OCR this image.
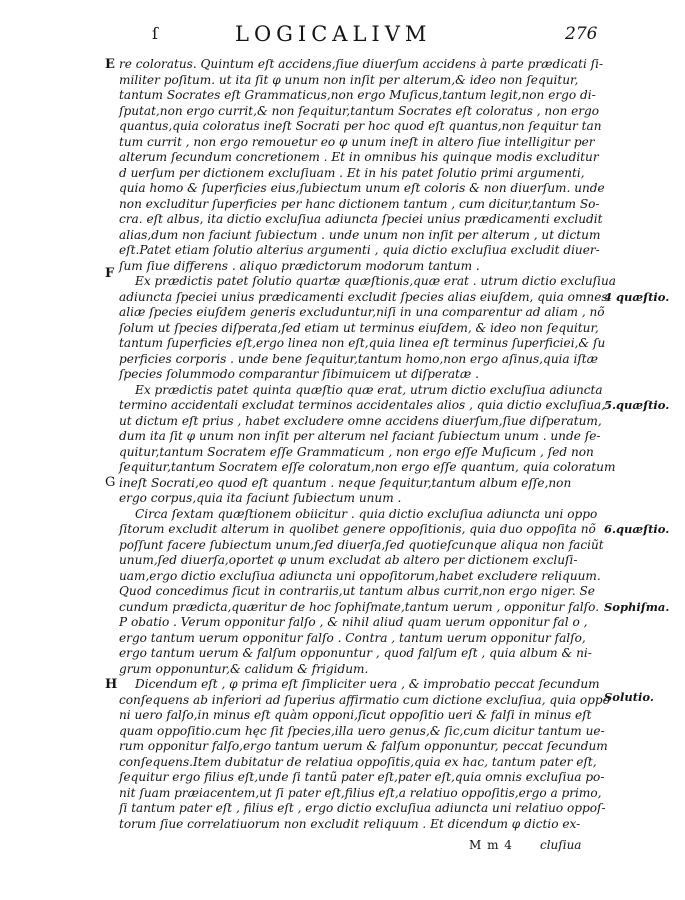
ſ	LOGICALIVM	276
E
F
G
H
4 quæſtio.
5.quæſtio.
6.quæſtio.
Sophiſma.
Solutio.
re coloratus. Quintum eſt accidens,ſiue diuerſum accidens à parte prædicati ſi-
militer poſitum. ut ita ſit φ unum non inſit per alterum,& ideo non ſequitur,
tantum Socrates eſt Grammaticus,non ergo Muſicus,tantum legit,non ergo di-
ſputat,non ergo currit,& non ſequitur,tantum Socrates eſt coloratus , non ergo
quantus,quia coloratus ineſt Socrati per hoc quod eſt quantus,non ſequitur tan
tum currit , non ergo remouetur eo φ unum ineſt in altero ſiue intelligitur per
alterum ſecundum concretionem . Et in omnibus his quinque modis excluditur
d uerſum per dictionem excluſiuam . Et in his patet ſolutio primi argumenti,
quia homo & ſuperficies eius,ſubiectum unum eſt coloris & non diuerſum. unde
non excluditur ſuperficies per hanc dictionem tantum , cum dicitur,tantum So-
cra. eſt albus, ita dictio excluſiua adiuncta ſpeciei unius prædicamenti excludit
alias,dum non faciunt ſubiectum . unde unum non inſit per alterum , ut dictum
eſt.Patet etiam ſolutio alterius argumenti , quia dictio excluſiua excludit diuer-
ſum ſiue differens . aliquo prædictorum modorum tantum .
Ex prædictis patet ſolutio quartæ quæſtionis,quæ erat . utrum dictio excluſiua
adiuncta ſpeciei unius prædicamenti excludit ſpecies alias eiuſdem, quia omnes
aliæ ſpecies eiuſdem generis excluduntur,niſi in una comparentur ad aliam , nõ
ſolum ut ſpecies diſperata,ſed etiam ut terminus eiuſdem, & ideo non ſequitur,
tantum ſuperficies eſt,ergo linea non eſt,quia linea eſt terminus ſuperficiei,& ſu
perficies corporis . unde bene ſequitur,tantum homo,non ergo aſinus,quia iſtæ
ſpecies ſolummodo comparantur ſibimuicem ut diſperatæ .
Ex prædictis patet quinta quæſtio quæ erat, utrum dictio excluſiua adiuncta
termino accidentali excludat terminos accidentales alios , quia dictio excluſiua,
ut dictum eſt prius , habet excludere omne accidens diuerſum,ſiue diſperatum,
dum ita ſit φ unum non inſit per alterum nel faciant ſubiectum unum . unde ſe-
quitur,tantum Socratem eſſe Grammaticum , non ergo eſſe Muſicum , ſed non
ſequitur,tantum Socratem eſſe coloratum,non ergo eſſe quantum, quia coloratum
ineſt Socrati,eo quod eſt quantum . neque ſequitur,tantum album eſſe,non
ergo corpus,quia ita faciunt ſubiectum unum .
Circa ſextam quæſtionem obiicitur . quia dictio excluſiua adiuncta uni oppo
ſitorum excludit alterum in quolibet genere oppoſitionis, quia duo oppoſita nõ
poſſunt facere ſubiectum unum,ſed diuerſa,ſed quotieſcunque aliqua non faciũt
unum,ſed diuerſa,oportet φ unum excludat ab altero per dictionem excluſi-
uam,ergo dictio excluſiua adiuncta uni oppoſitorum,habet excludere reliquum.
Quod concedimus ſicut in contrariis,ut tantum albus currit,non ergo niger. Se
cundum prædicta,quæritur de hoc ſophiſmate,tantum uerum , opponitur falſo.
P obatio . Verum opponitur falſo , & nihil aliud quam uerum opponitur fal o ,
ergo tantum uerum opponitur falſo . Contra , tantum uerum opponitur falſo,
ergo tantum uerum & falſum opponuntur , quod falſum eſt , quia album & ni-
grum opponuntur,& calidum & frigidum.
Dicendum eſt , φ prima eſt ſimpliciter uera , & improbatio peccat ſecundum
conſequens ab inferiori ad ſuperius affirmatio cum dictione excluſiua, quia oppo
ni uero falſo,in minus eſt quàm opponi,ſicut oppoſitio ueri & falſi in minus eſt
quam oppoſitio.cum hęc ſit ſpecies,illa uero genus,& ſic,cum dicitur tantum ue-
rum opponitur falſo,ergo tantum uerum & falſum opponuntur, peccat ſecundum
conſequens.Item dubitatur de relatiua oppoſitis,quia ex hac, tantum pater eſt,
ſequitur ergo filius eſt,unde ſi tantũ pater eſt,pater eſt,quia omnis excluſiua po-
nit ſuam præiacentem,ut ſi pater eſt,filius eſt,a relatiuo oppoſitis,ergo a primo,
ſi tantum pater eſt , filius eſt , ergo dictio excluſiua adiuncta uni relatiuo oppoſ-
torum ſiue correlatiuorum non excludit reliquum . Et dicendum φ dictio ex-
M m 4 cluſiua
